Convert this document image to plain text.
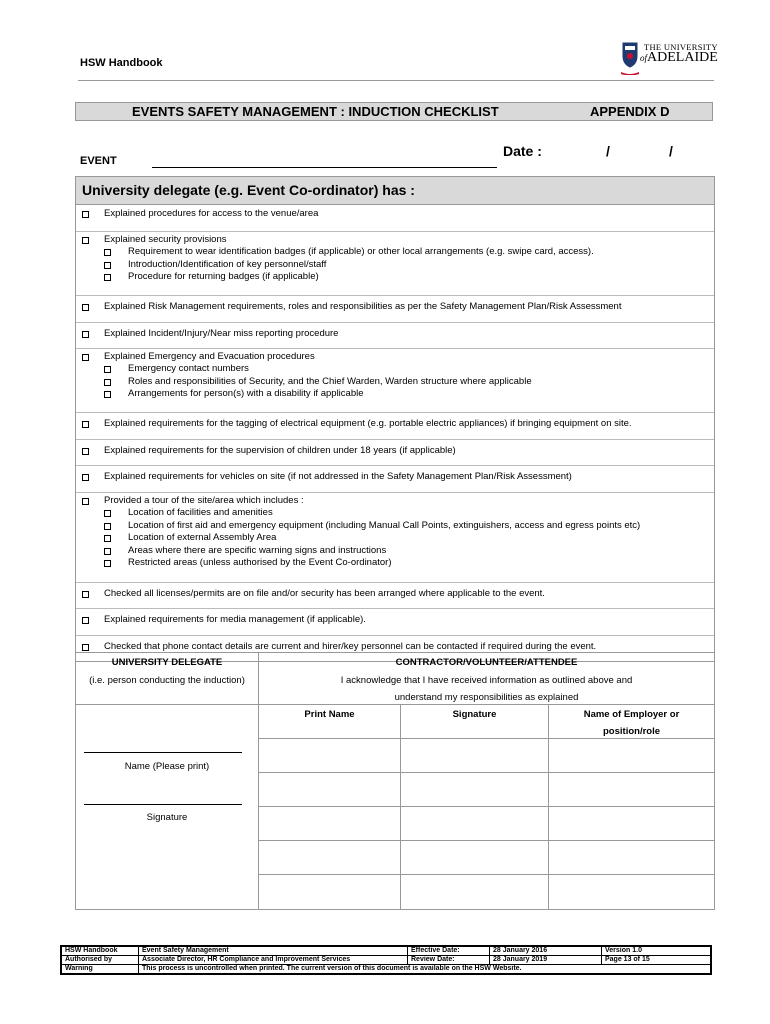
HSW Handbook
THE UNIVERSITY
ofADELAIDE
EVENTS SAFETY MANAGEMENT : INDUCTION CHECKLIST	APPENDIX D
Date :	/	/
EVENT
University delegate (e.g. Event Co-ordinator) has :
Explained procedures for access to the venue/area
Explained security provisions
Requirement to wear identification badges (if applicable) or other local arrangements (e.g. swipe card, access).
Introduction/Identification of key personnel/staff
Procedure for returning badges (if applicable)
Explained Risk Management requirements, roles and responsibilities as per the Safety Management Plan/Risk Assessment
Explained Incident/Injury/Near miss reporting procedure
Explained Emergency and Evacuation procedures
Emergency contact numbers
Roles and responsibilities of Security, and the Chief Warden, Warden structure where applicable
Arrangements for person(s) with a disability if applicable
Explained requirements for the tagging of electrical equipment (e.g. portable electric appliances) if bringing equipment on site.
Explained requirements for the supervision of children under 18 years (if applicable)
Explained requirements for vehicles on site (if not addressed in the Safety Management Plan/Risk Assessment)
Provided a tour of the site/area which includes :
Location of facilities and amenities
Location of first aid and emergency equipment (including Manual Call Points, extinguishers, access and egress points etc)
Location of external Assembly Area
Areas where there are specific warning signs and instructions
Restricted areas (unless authorised by the Event Co-ordinator)
Checked all licenses/permits are on file and/or security has been arranged where applicable to the event.
Explained requirements for media management (if applicable).
Checked that phone contact details are current and hirer/key personnel can be contacted if required during the event.
UNIVERSITY DELEGATE
(i.e. person conducting the induction)
CONTRACTOR/VOLUNTEER/ATTENDEE
I acknowledge that I have received information as outlined above and
understand my responsibilities as explained
Print Name	Signature	Name of Employer or
position/role
Name (Please print)
Signature
HSW Handbook	Event Safety Management	Effective Date:	28 January 2016	Version 1.0
Authorised by	Associate Director, HR Compliance and Improvement Services	Review Date:	28 January 2019	Page 13 of 15
Warning	This process is uncontrolled when printed. The current version of this document is available on the HSW Website.			
